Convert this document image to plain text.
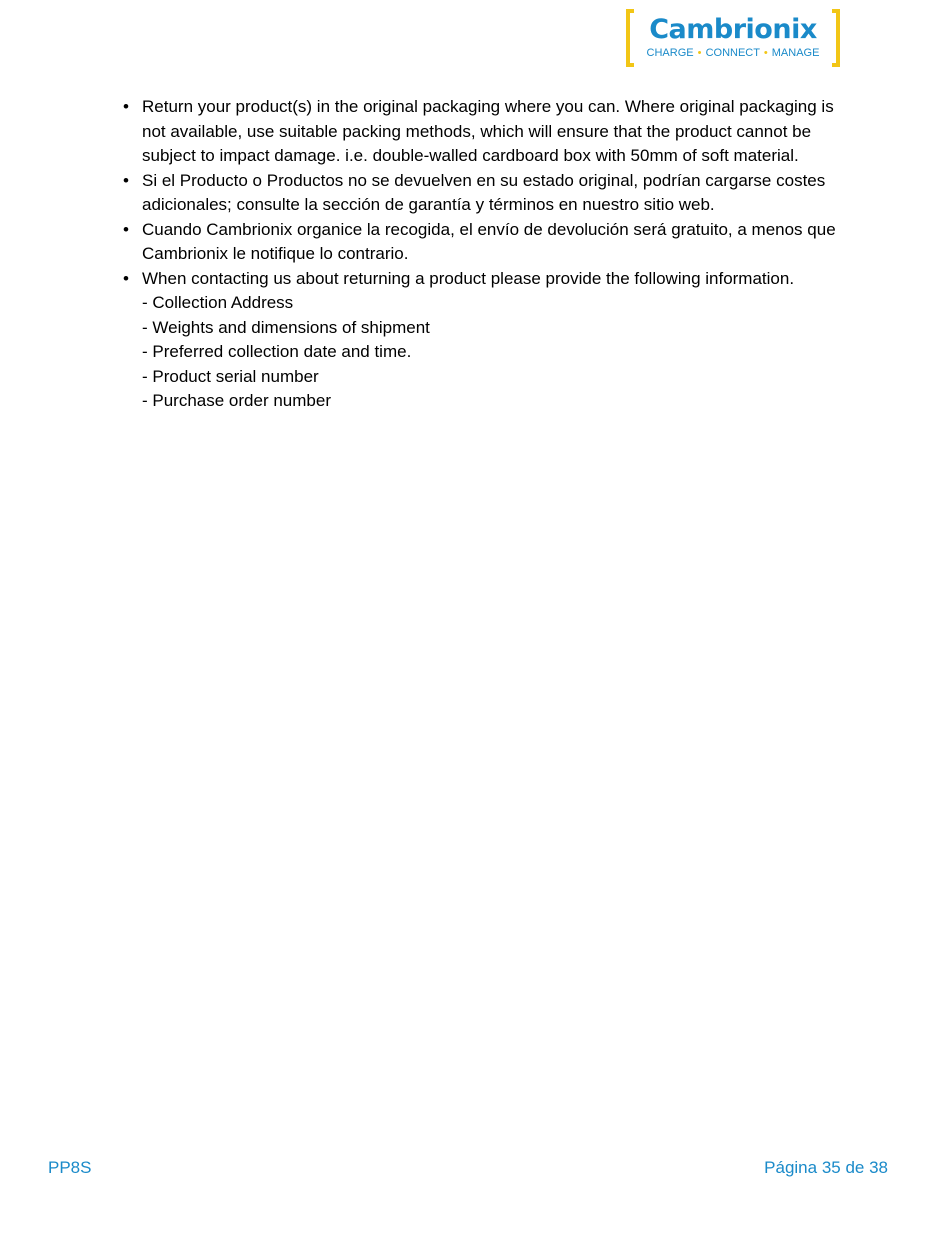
Cambrionix
CHARGE • CONNECT • MANAGE
• Return your product(s) in the original packaging where you can. Where original packaging is not available, use suitable packing methods, which will ensure that the product cannot be subject to impact damage. i.e. double-walled cardboard box with 50mm of soft material.
• Si el Producto o Productos no se devuelven en su estado original, podrían cargarse costes adicionales; consulte la sección de garantía y términos en nuestro sitio web.
• Cuando Cambrionix organice la recogida, el envío de devolución será gratuito, a menos que Cambrionix le notifique lo contrario.
• When contacting us about returning a product please provide the following information.
- Collection Address
- Weights and dimensions of shipment
- Preferred collection date and time.
- Product serial number
- Purchase order number
PP8S	Página 35 de 38
